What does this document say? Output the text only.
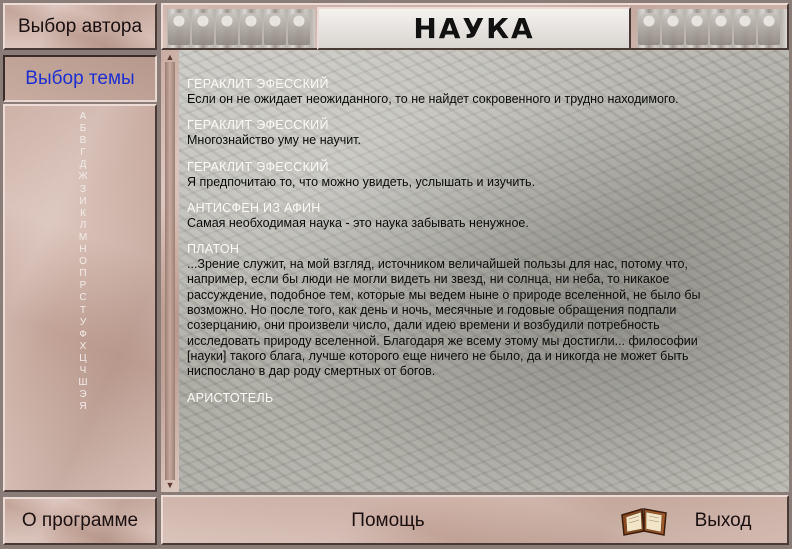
Выбор автора
Выбор темы
А
Б
В
Г
Д
Ж
З
И
К
Л
М
Н
О
П
Р
С
Т
У
Ф
Х
Ц
Ч
Ш
Э
Я
О программе
НАУКА
▲
▼
ГЕРАКЛИТ ЭФЕССКИЙ
Если он не ожидает неожиданного, то не найдет сокровенного и трудно находимого.
ГЕРАКЛИТ ЭФЕССКИЙ
Многознайство уму не научит.
ГЕРАКЛИТ ЭФЕССКИЙ
Я предпочитаю то, что можно увидеть, услышать и изучить.
АНТИСФЕН ИЗ АФИН
Самая необходимая наука - это наука забывать ненужное.
ПЛАТОН
...Зрение служит, на мой взгляд, источником величайшей пользы для нас, потому что, например, если бы люди не могли видеть ни звезд, ни солнца, ни неба, то никакое рассуждение, подобное тем, которые мы ведем ныне о природе вселенной, не было бы возможно. Но после того, как день и ночь, месячные и годовые обращения подпали созерцанию, они произвели число, дали идею времени и возбудили потребность исследовать природу вселенной. Благодаря же всему этому мы достигли... философии [науки] такого блага, лучше которого еще ничего не было, да и никогда не может быть ниспослано в дар роду смертных от богов.
АРИСТОТЕЛЬ
Помощь	Выход
